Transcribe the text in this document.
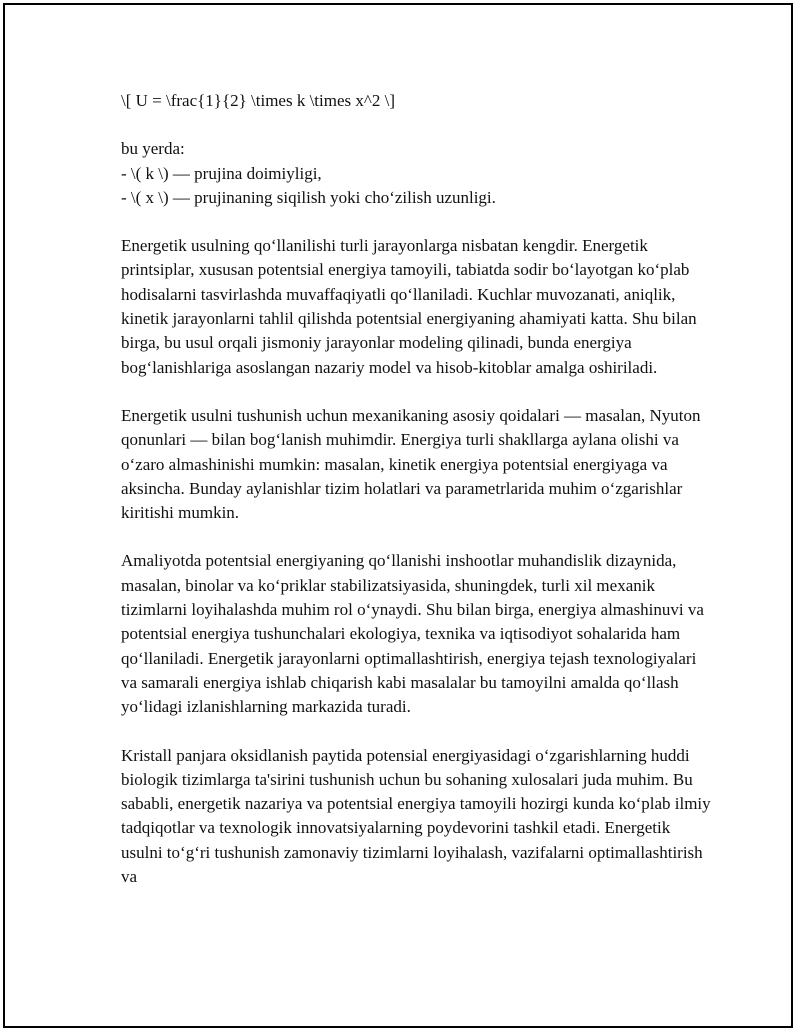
\[ U = \frac{1}{2} \times k \times x^2 \]

bu yerda:

- \( k \) — prujina doimiyligi,

- \( x \) — prujinaning siqilish yoki cho‘zilish uzunligi.

Energetik usulning qo‘llanilishi turli jarayonlarga nisbatan kengdir. Energetik printsiplar, xususan potentsial energiya tamoyili, tabiatda sodir bo‘layotgan ko‘plab hodisalarni tasvirlashda muvaffaqiyatli qo‘llaniladi. Kuchlar muvozanati, aniqlik, kinetik jarayonlarni tahlil qilishda potentsial energiyaning ahamiyati katta. Shu bilan birga, bu usul orqali jismoniy jarayonlar modeling qilinadi, bunda energiya bog‘lanishlariga asoslangan nazariy model va hisob-kitoblar amalga oshiriladi.

Energetik usulni tushunish uchun mexanikaning asosiy qoidalari — masalan, Nyuton qonunlari — bilan bog‘lanish muhimdir. Energiya turli shakllarga aylana olishi va o‘zaro almashinishi mumkin: masalan, kinetik energiya potentsial energiyaga va aksincha. Bunday aylanishlar tizim holatlari va parametrlarida muhim o‘zgarishlar kiritishi mumkin.

Amaliyotda potentsial energiyaning qo‘llanishi inshootlar muhandislik dizaynida, masalan, binolar va ko‘priklar stabilizatsiyasida, shuningdek, turli xil mexanik tizimlarni loyihalashda muhim rol o‘ynaydi. Shu bilan birga, energiya almashinuvi va potentsial energiya tushunchalari ekologiya, texnika va iqtisodiyot sohalarida ham qo‘llaniladi. Energetik jarayonlarni optimallashtirish, energiya tejash texnologiyalari va samarali energiya ishlab chiqarish kabi masalalar bu tamoyilni amalda qo‘llash yo‘lidagi izlanishlarning markazida turadi.

Kristall panjara oksidlanish paytida potensial energiyasidagi o‘zgarishlarning huddi biologik tizimlarga ta'sirini tushunish uchun bu sohaning xulosalari juda muhim. Bu sababli, energetik nazariya va potentsial energiya tamoyili hozirgi kunda ko‘plab ilmiy tadqiqotlar va texnologik innovatsiyalarning poydevorini tashkil etadi. Energetik usulni to‘g‘ri tushunish zamonaviy tizimlarni loyihalash, vazifalarni optimallashtirish va
